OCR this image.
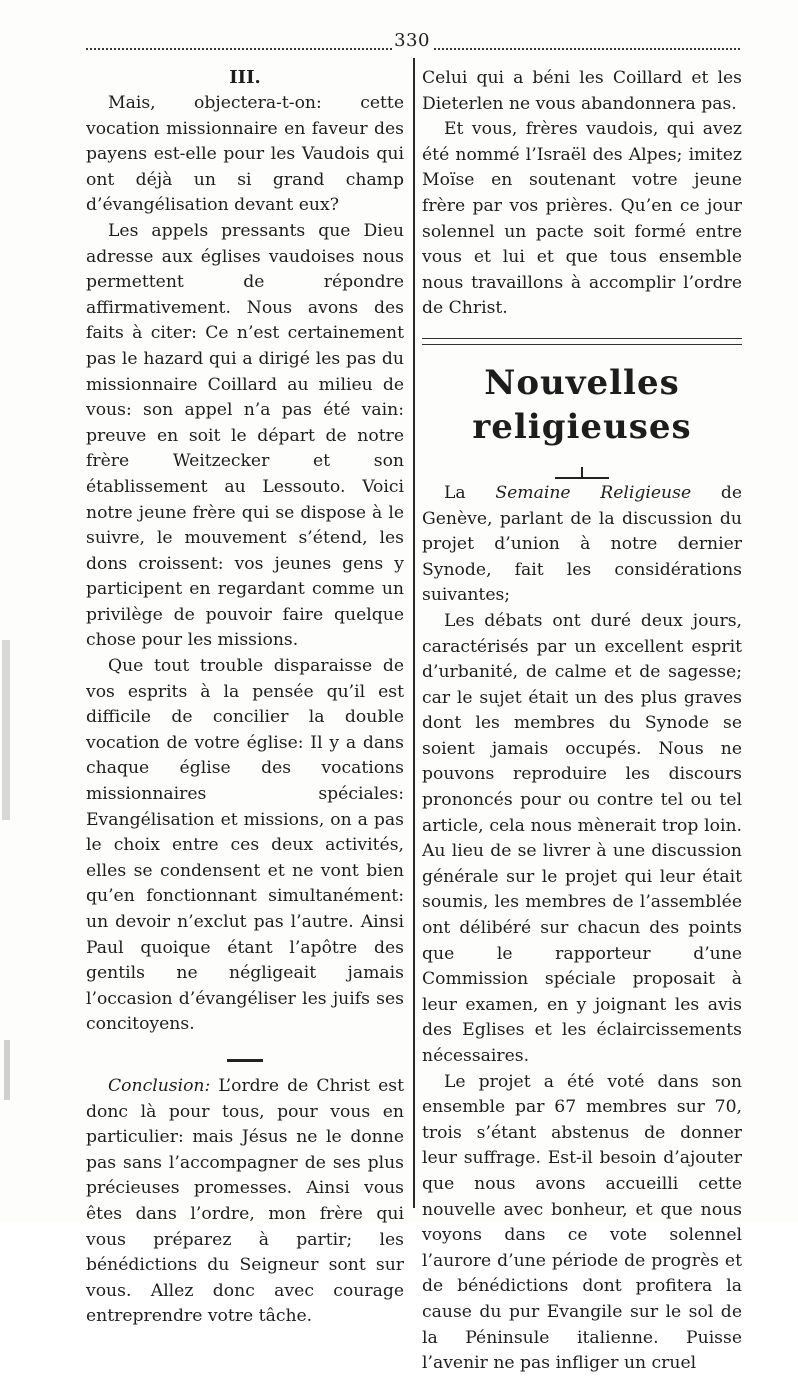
330
III.

Mais, objectera-t-on: cette vocation missionnaire en faveur des payens est-elle pour les Vaudois qui ont déjà un si grand champ d’évangélisation devant eux?

Les appels pressants que Dieu adresse aux églises vaudoises nous permettent de répondre affirmativement. Nous avons des faits à citer: Ce n’est certainement pas le hazard qui a dirigé les pas du missionnaire Coillard au milieu de vous: son appel n’a pas été vain: preuve en soit le départ de notre frère Weitzecker et son établissement au Lessouto. Voici notre jeune frère qui se dispose à le suivre, le mouvement s’étend, les dons croissent: vos jeunes gens y participent en regardant comme un privilège de pouvoir faire quelque chose pour les missions.

Que tout trouble disparaisse de vos esprits à la pensée qu’il est difficile de concilier la double vocation de votre église: Il y a dans chaque église des vocations missionnaires spéciales: Evangélisation et missions, on a pas le choix entre ces deux activités, elles se condensent et ne vont bien qu’en fonctionnant simultanément: un devoir n’exclut pas l’autre. Ainsi Paul quoique étant l’apôtre des gentils ne négligeait jamais l’occasion d’évangéliser les juifs ses concitoyens.

Conclusion: L’ordre de Christ est donc là pour tous, pour vous en particulier: mais Jésus ne le donne pas sans l’accompagner de ses plus précieuses promesses. Ainsi vous êtes dans l’ordre, mon frère qui vous préparez à partir; les bénédictions du Seigneur sont sur vous. Allez donc avec courage entreprendre votre tâche.

Celui qui a béni les Coillard et les Dieterlen ne vous abandonnera pas.

Et vous, frères vaudois, qui avez été nommé l’Israël des Alpes; imitez Moïse en soutenant votre jeune frère par vos prières. Qu’en ce jour solennel un pacte soit formé entre vous et lui et que tous ensemble nous travaillons à accomplir l’ordre de Christ.

Nouvelles religieuses

La Semaine Religieuse de Genève, parlant de la discussion du projet d’union à notre dernier Synode, fait les considérations suivantes;

Les débats ont duré deux jours, caractérisés par un excellent esprit d’urbanité, de calme et de sagesse; car le sujet était un des plus graves dont les membres du Synode se soient jamais occupés. Nous ne pouvons reproduire les discours prononcés pour ou contre tel ou tel article, cela nous mènerait trop loin. Au lieu de se livrer à une discussion générale sur le projet qui leur était soumis, les membres de l’assemblée ont délibéré sur chacun des points que le rapporteur d’une Commission spéciale proposait à leur examen, en y joignant les avis des Eglises et les éclaircissements nécessaires.

Le projet a été voté dans son ensemble par 67 membres sur 70, trois s’étant abstenus de donner leur suffrage. Est-il besoin d’ajouter que nous avons accueilli cette nouvelle avec bonheur, et que nous voyons dans ce vote solennel l’aurore d’une période de progrès et de bénédictions dont profitera la cause du pur Evangile sur le sol de la Péninsule italienne. Puisse l’avenir ne pas infliger un cruel
